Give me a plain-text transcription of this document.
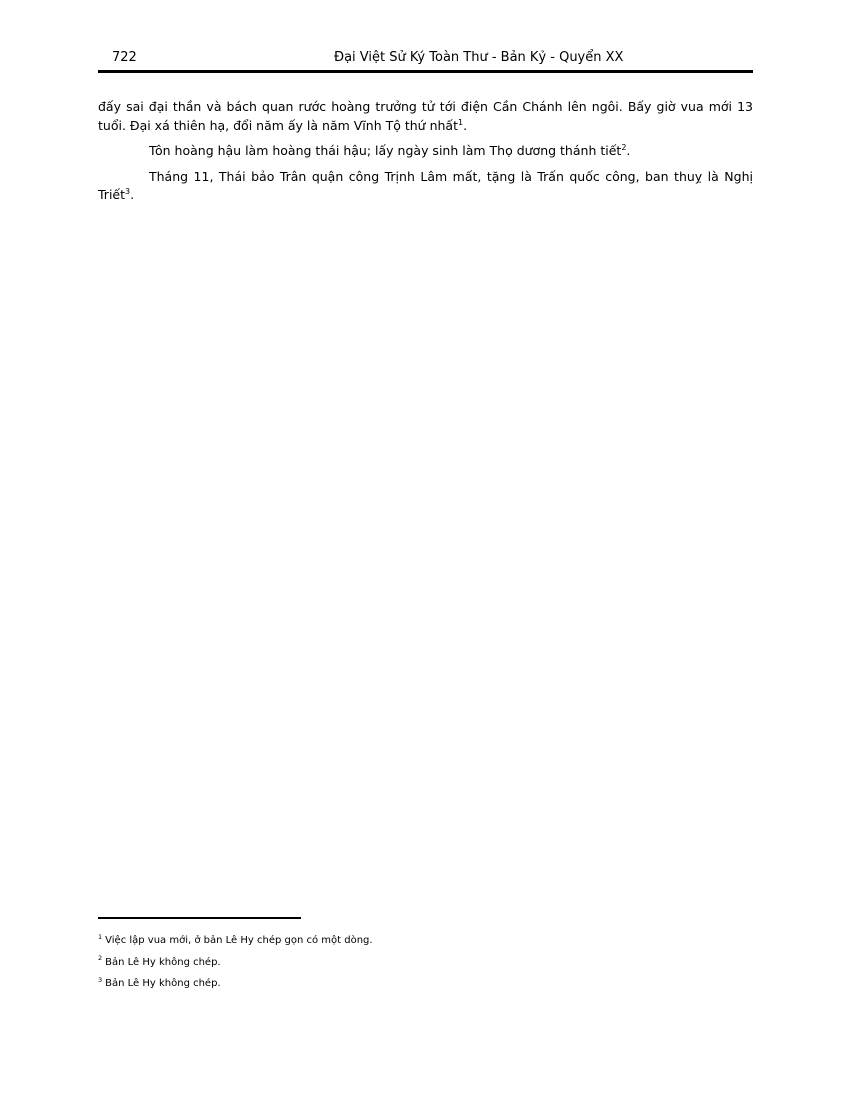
722	Đại Việt Sử Ký Toàn Thư - Bản Kỷ - Quyển XX

đấy sai đại thần và bách quan rước hoàng trưởng tử tới điện Cần Chánh lên ngôi. Bấy giờ vua mới 13 tuổi. Đại xá thiên hạ, đổi năm ấy là năm Vĩnh Tộ thứ nhất$^1$.

Tôn hoàng hậu làm hoàng thái hậu; lấy ngày sinh làm Thọ dương thánh tiết$^2$.

Tháng 11, Thái bảo Trân quận công Trịnh Lâm mất, tặng là Trấn quốc công, ban thuỵ là Nghị Triết$^3$.

$^1$ Việc lập vua mới, ở bản Lê Hy chép gọn có một dòng.
$^2$ Bản Lê Hy không chép.
$^3$ Bản Lê Hy không chép.
